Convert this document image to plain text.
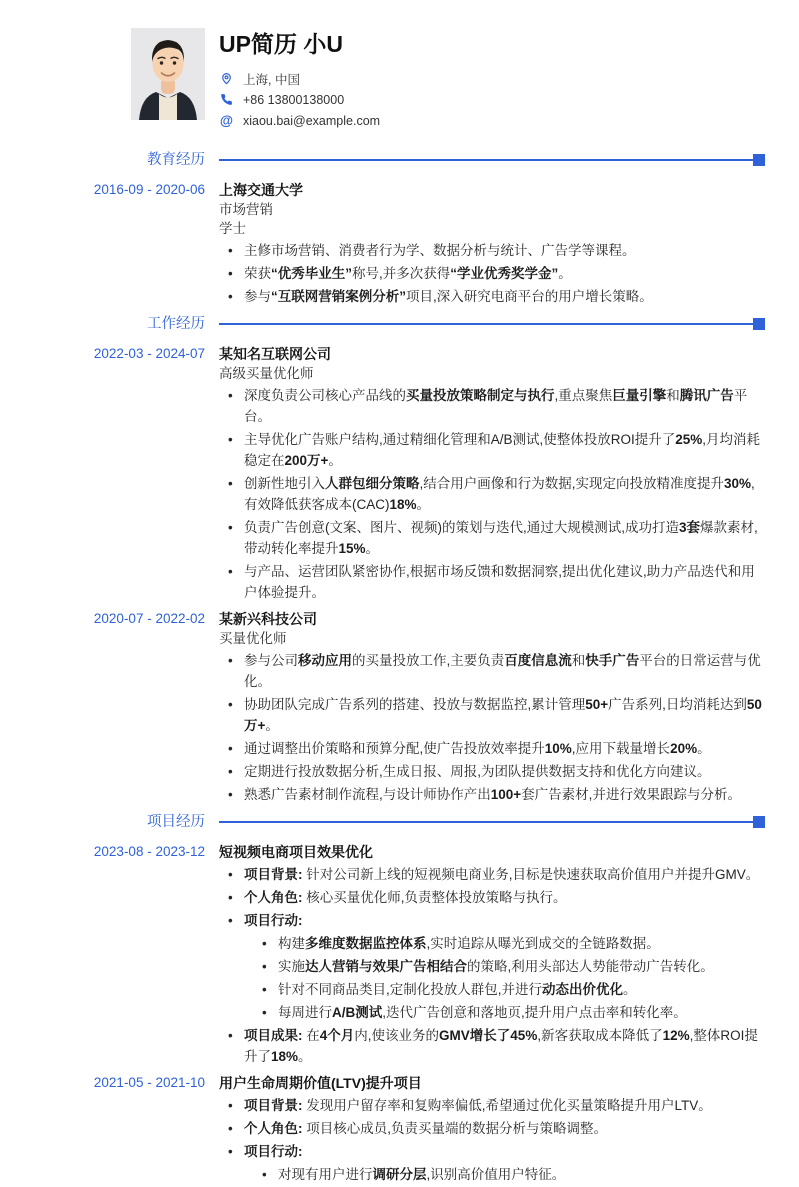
UP简历 小U
上海, 中国
+86 13800138000
@ xiaou.bai@example.com
教育经历
2016-09 - 2020-06 上海交通大学
市场营销
学士
•
主修市场营销、消费者行为学、数据分析与统计、广告学等课程。
•
荣获“优秀毕业生”称号,并多次获得“学业优秀奖学金”。
•
参与“互联网营销案例分析”项目,深入研究电商平台的用户增长策略。
工作经历
2022-03 - 2024-07 某知名互联网公司
高级买量优化师
•
深度负责公司核心产品线的买量投放策略制定与执行,重点聚焦巨量引擎和腾讯广告平台。
•
主导优化广告账户结构,通过精细化管理和A/B测试,使整体投放ROI提升了25%,月均消耗稳定在200万+。
•
创新性地引入人群包细分策略,结合用户画像和行为数据,实现定向投放精准度提升30%,有效降低获客成本(CAC)18%。
•
负责广告创意(文案、图片、视频)的策划与迭代,通过大规模测试,成功打造3套爆款素材,带动转化率提升15%。
•
与产品、运营团队紧密协作,根据市场反馈和数据洞察,提出优化建议,助力产品迭代和用户体验提升。
2020-07 - 2022-02 某新兴科技公司
买量优化师
•
参与公司移动应用的买量投放工作,主要负责百度信息流和快手广告平台的日常运营与优化。
•
协助团队完成广告系列的搭建、投放与数据监控,累计管理50+广告系列,日均消耗达到50万+。
•
通过调整出价策略和预算分配,使广告投放效率提升10%,应用下载量增长20%。
•
定期进行投放数据分析,生成日报、周报,为团队提供数据支持和优化方向建议。
•
熟悉广告素材制作流程,与设计师协作产出100+套广告素材,并进行效果跟踪与分析。
项目经历
2023-08 - 2023-12 短视频电商项目效果优化
•
项目背景: 针对公司新上线的短视频电商业务,目标是快速获取高价值用户并提升GMV。
•
个人角色: 核心买量优化师,负责整体投放策略与执行。
•
项目行动:
•
构建多维度数据监控体系,实时追踪从曝光到成交的全链路数据。
•
实施达人营销与效果广告相结合的策略,利用头部达人势能带动广告转化。
•
针对不同商品类目,定制化投放人群包,并进行动态出价优化。
•
每周进行A/B测试,迭代广告创意和落地页,提升用户点击率和转化率。
•
项目成果: 在4个月内,使该业务的GMV增长了45%,新客获取成本降低了12%,整体ROI提升了18%。
2021-05 - 2021-10 用户生命周期价值(LTV)提升项目
•
项目背景: 发现用户留存率和复购率偏低,希望通过优化买量策略提升用户LTV。
•
个人角色: 项目核心成员,负责买量端的数据分析与策略调整。
•
项目行动:
•
对现有用户进行调研分层,识别高价值用户特征。
